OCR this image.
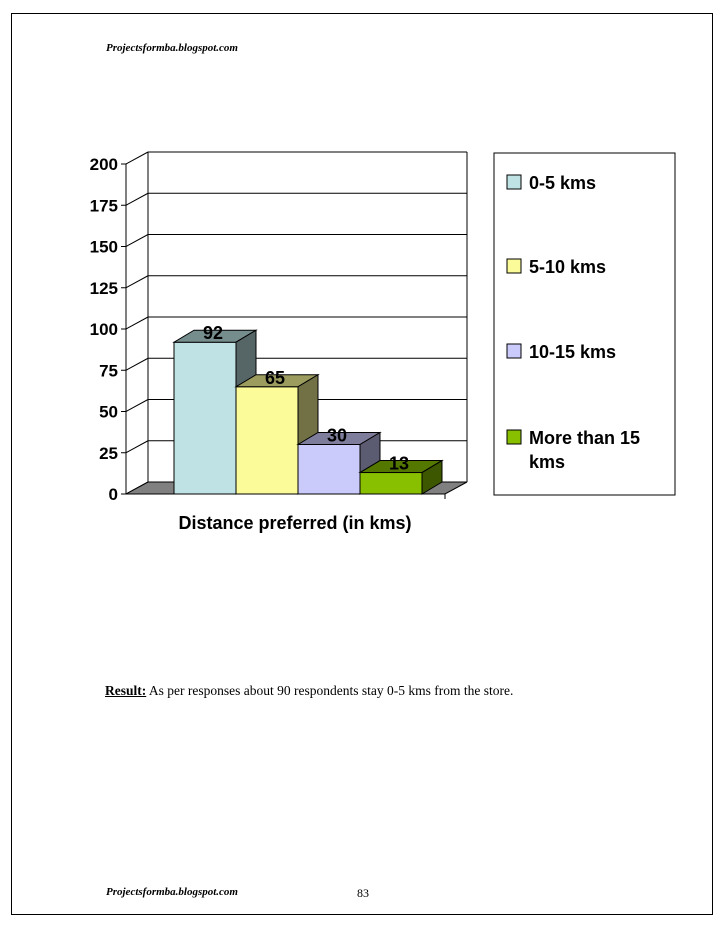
Projectsformba.blogspot.com
0
25
50
75
100
125
150
175
200
92
65
30
13
Distance preferred (in kms)
0-5 kms
5-10 kms
10-15 kms
More than 15 kms
Result: As per responses about 90 respondents stay 0-5 kms from the store.
Projectsformba.blogspot.com	83
